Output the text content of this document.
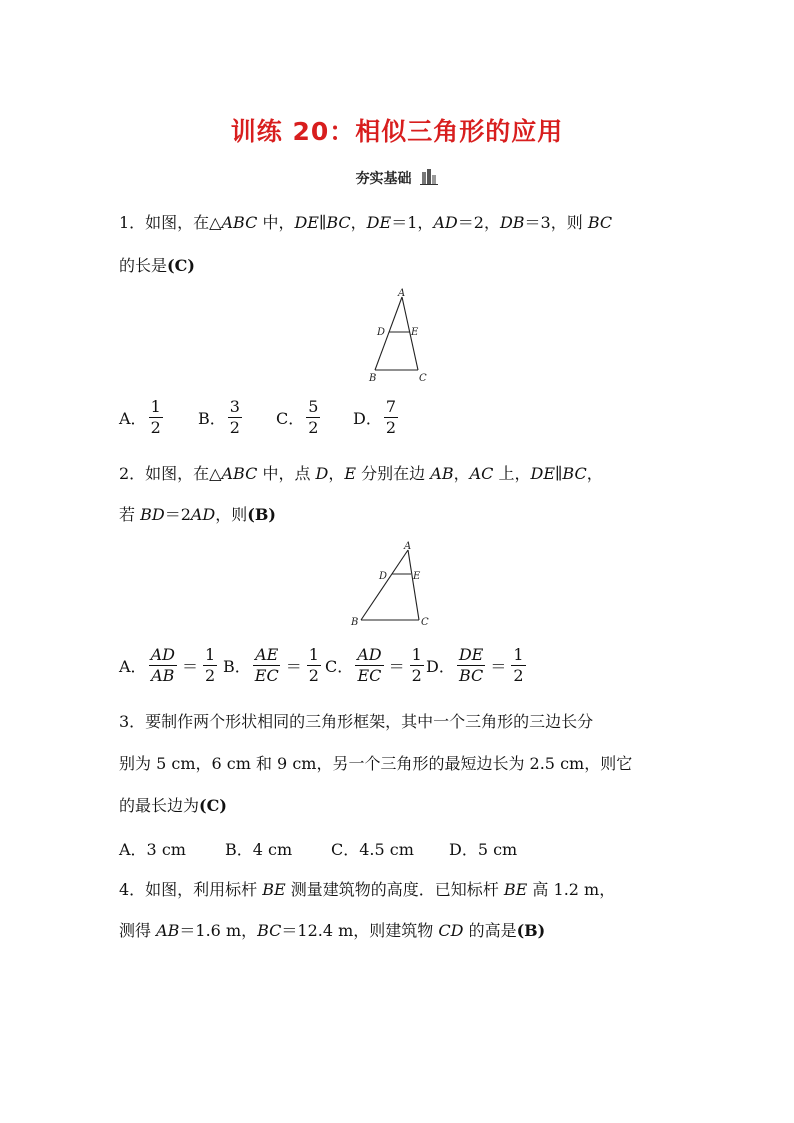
训练 20：相似三角形的应用
夯实基础
1．如图，在△ABC 中，DE∥BC，DE＝1，AD＝2，DB＝3，则 BC
的长是(C)
A
D	E
B	C
A． $\frac{1}{2}$ B． $\frac{3}{2}$ C． $\frac{5}{2}$ D． $\frac{7}{2}$
2．如图，在△ABC 中，点 D，E 分别在边 AB，AC 上，DE∥BC，
若 BD＝2AD，则(B)
A
D	E
B	C
A． $\frac{AD}{AB} = \frac{1}{2}$ B． $\frac{AE}{EC} = \frac{1}{2}$ C． $\frac{AD}{EC} = \frac{1}{2}$ D． $\frac{DE}{BC} = \frac{1}{2}$
3．要制作两个形状相同的三角形框架，其中一个三角形的三边长分
别为 5 cm，6 cm 和 9 cm，另一个三角形的最短边长为 2.5 cm，则它
的最长边为(C)
A．3 cm B．4 cm C．4.5 cm D．5 cm
4．如图，利用标杆 BE 测量建筑物的高度．已知标杆 BE 高 1.2 m，
测得 AB＝1.6 m，BC＝12.4 m，则建筑物 CD 的高是(B)
